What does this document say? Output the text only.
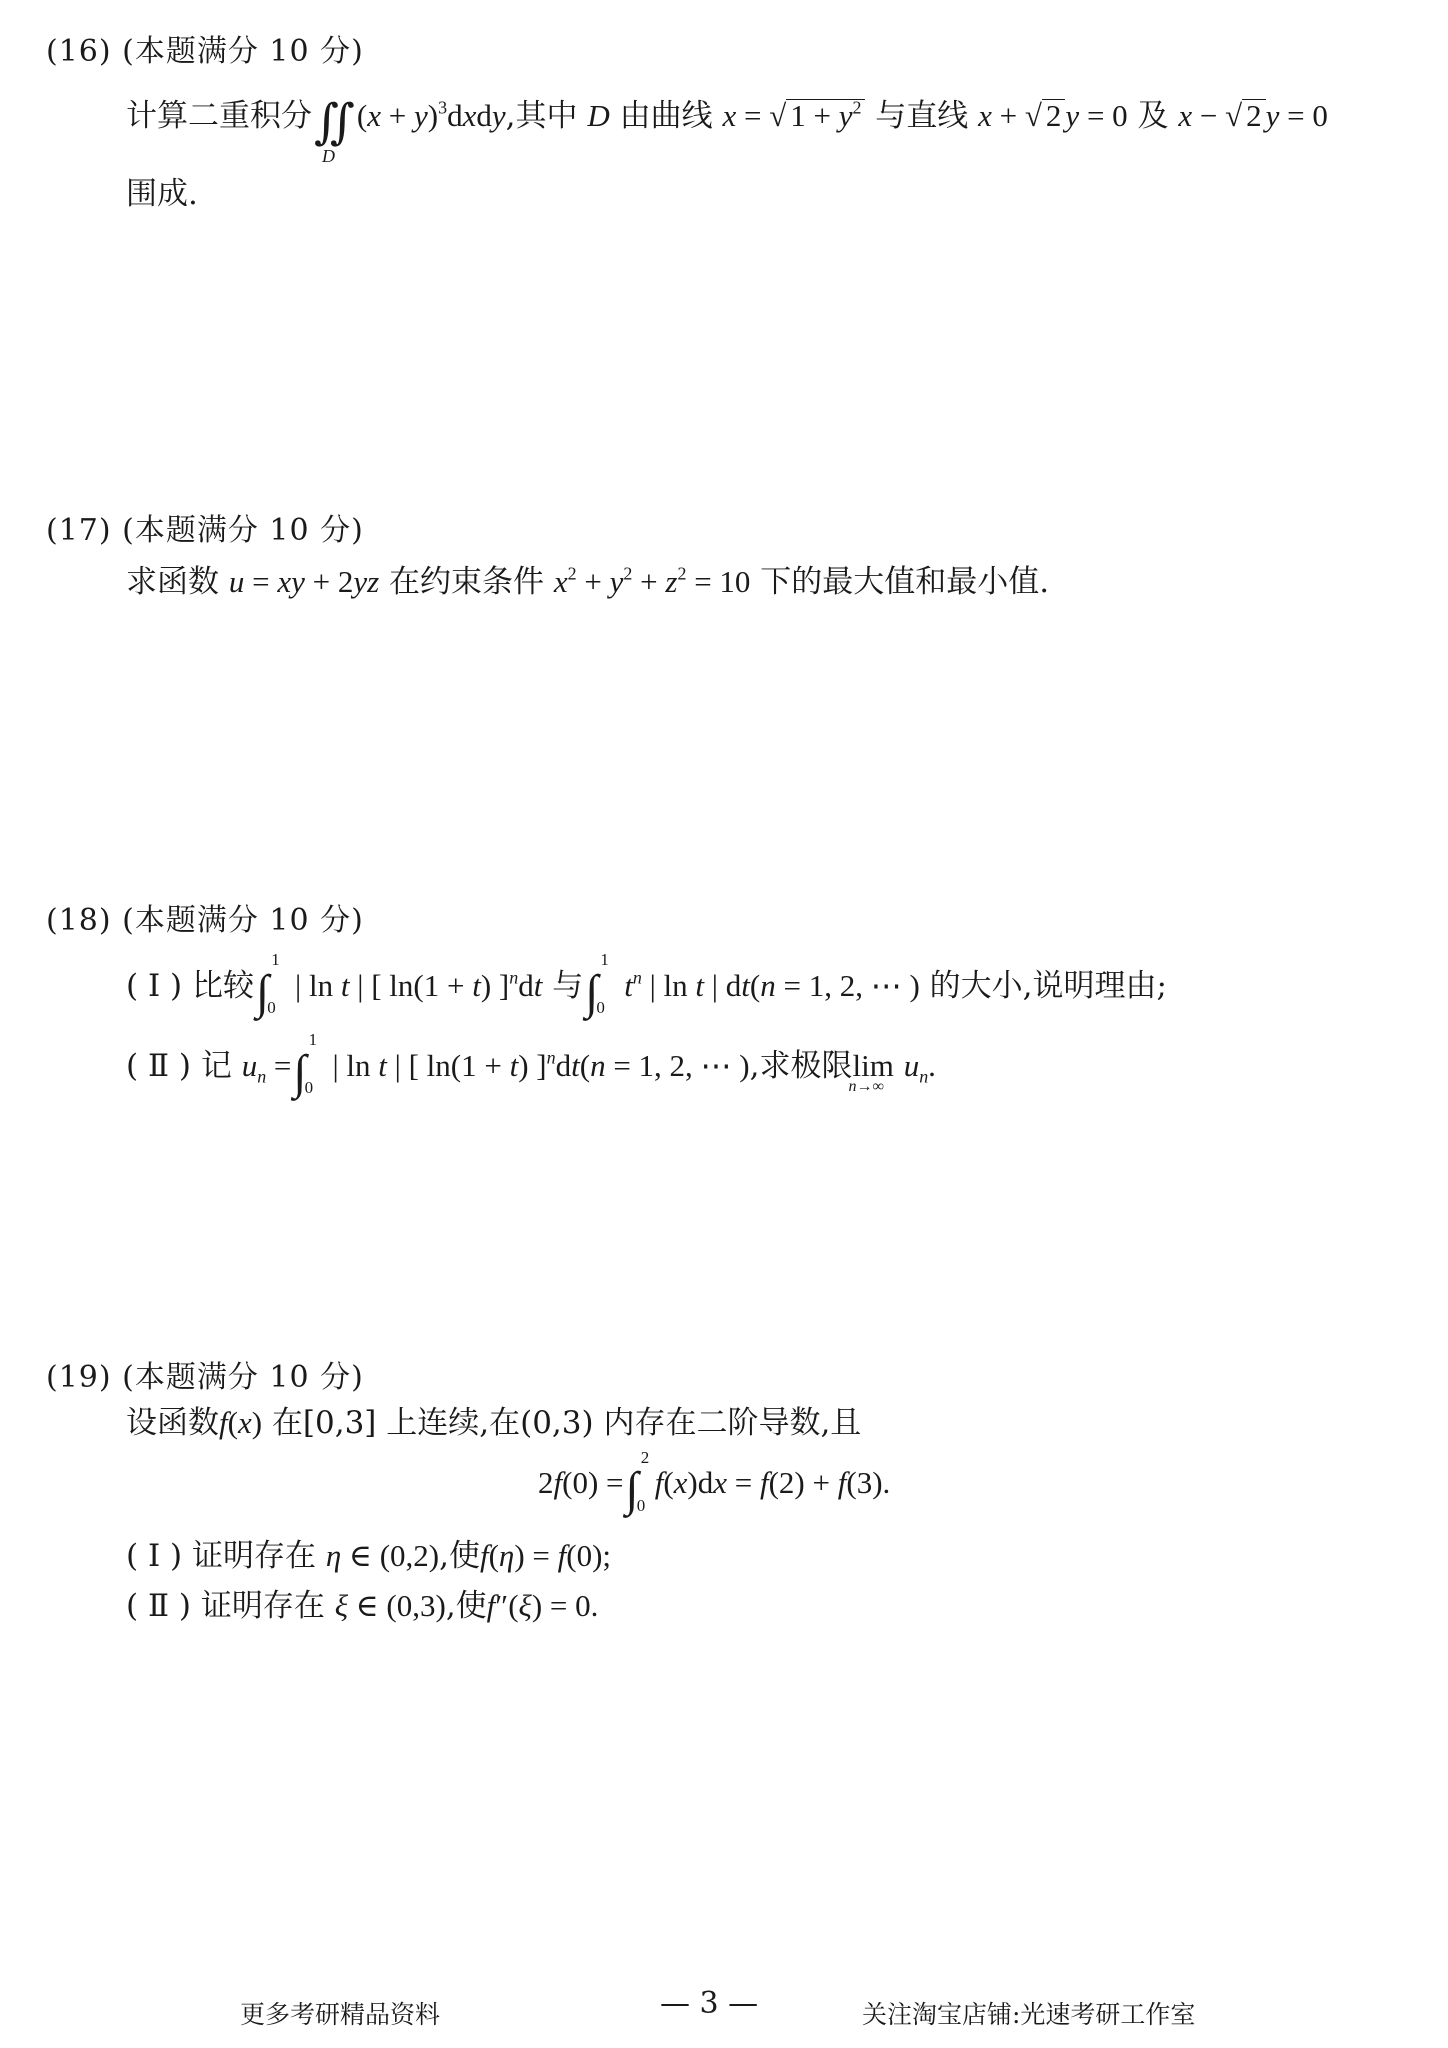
(16) (本题满分 10 分)
计算二重积分∬
D
$(x + y)^3dxdy$,其中 D 由曲线 x = √ $1 + y^2$ 与直线 x + √ 2 y = 0 及 x − √ 2 y = 0
围成.
(17) (本题满分 10 分)
求函数 u = xy + 2yz 在约束条件 $x^2 + y^2 + z^2 = 10$ 下的最大值和最小值.
(18) (本题满分 10 分)
( Ⅰ ) 比较∫
1
0
| ln t | [ ln(1 + t) ]$^n$dt 与∫
1
0
$t^n$ | ln t | dt(n = 1, 2, ⋯ ) 的大小,说明理由;
( Ⅱ ) 记 $u_n$ =∫
1
0
| ln t | [ ln(1 + t) ]$^n$dt(n = 1, 2, ⋯ ),求极限lim
n→∞
$u_n$.
(19) (本题满分 10 分)
设函数f(x) 在[0,3] 上连续,在(0,3) 内存在二阶导数,且
2f(0) =∫
2
0
f(x)dx = f(2) + f(3).
( Ⅰ ) 证明存在 η ∈ (0,2),使f(η) = f(0);
( Ⅱ ) 证明存在 ξ ∈ (0,3),使f″(ξ) = 0.
更多考研精品资料	— 3 —	关注淘宝店铺:光速考研工作室
